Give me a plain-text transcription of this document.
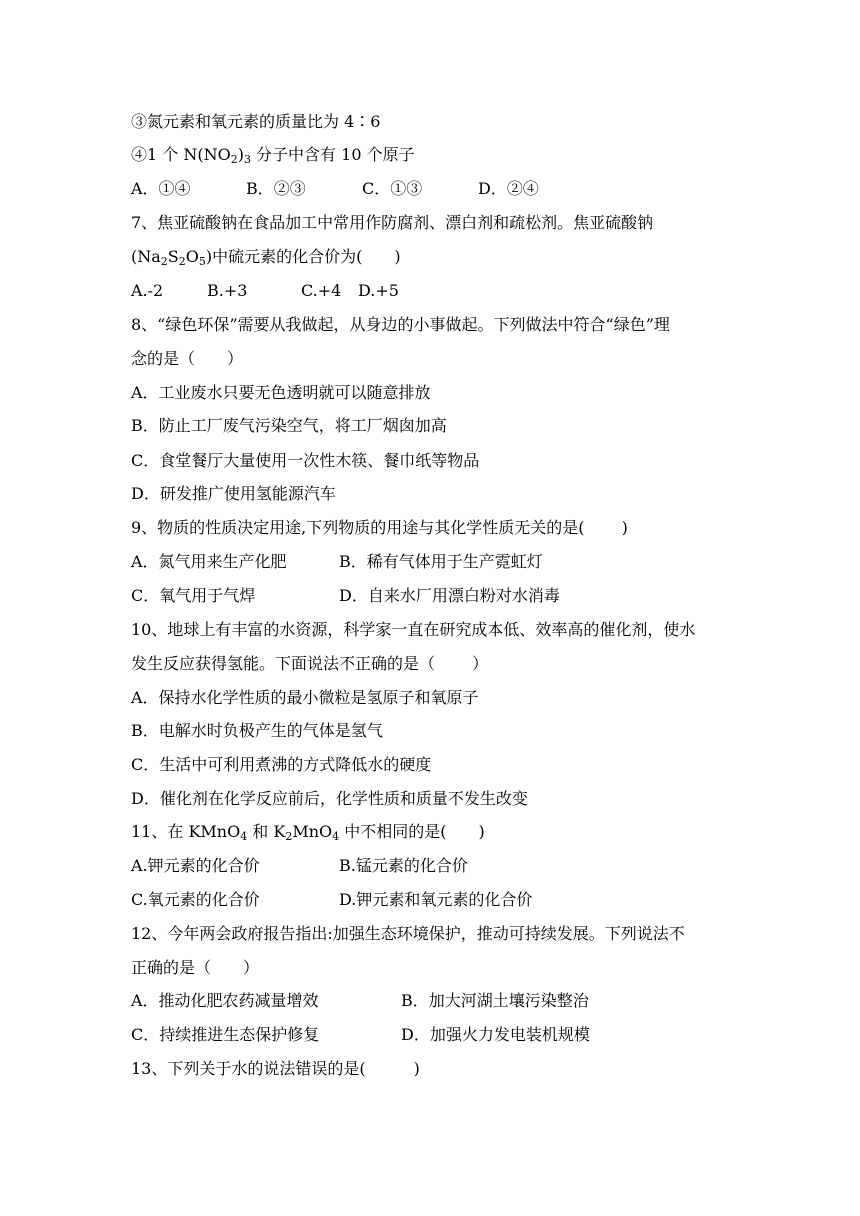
③氮元素和氧元素的质量比为 4∶6
④1 个 $N(NO_2)_3$ 分子中含有 10 个原子
A．①④	B．②③	C．①③	D．②④
7、焦亚硫酸钠在食品加工中常用作防腐剂、漂白剂和疏松剂。焦亚硫酸钠
$(Na_2S_2O_5)$中硫元素的化合价为(　　)
A.-2	B.+3	C.+4 D.+5
8、“绿色环保”需要从我做起，从身边的小事做起。下列做法中符合“绿色”理
念的是（　　）
A．工业废水只要无色透明就可以随意排放
B．防止工厂废气污染空气，将工厂烟囱加高
C．食堂餐厅大量使用一次性木筷、餐巾纸等物品
D．研发推广使用氢能源汽车
9、物质的性质决定用途,下列物质的用途与其化学性质无关的是(　　 )
A．氮气用来生产化肥	B．稀有气体用于生产霓虹灯
C．氧气用于气焊	D．自来水厂用漂白粉对水消毒
10、地球上有丰富的水资源，科学家一直在研究成本低、效率高的催化剂，使水
发生反应获得氢能。下面说法不正确的是（　　 ）
A．保持水化学性质的最小微粒是氢原子和氧原子
B．电解水时负极产生的气体是氢气
C．生活中可利用煮沸的方式降低水的硬度
D．催化剂在化学反应前后，化学性质和质量不发生改变
11、在 KMnO$_4$ 和 $K_2MnO_4$ 中不相同的是(　　)
A.钾元素的化合价	B.锰元素的化合价
C.氧元素的化合价	D.钾元素和氧元素的化合价
12、今年两会政府报告指出:加强生态环境保护，推动可持续发展。下列说法不
正确的是（　　）
A．推动化肥农药减量增效	B．加大河湖土壤污染整治
C．持续推进生态保护修复	D．加强火力发电装机规模
13、下列关于水的说法错误的是(　　　)
